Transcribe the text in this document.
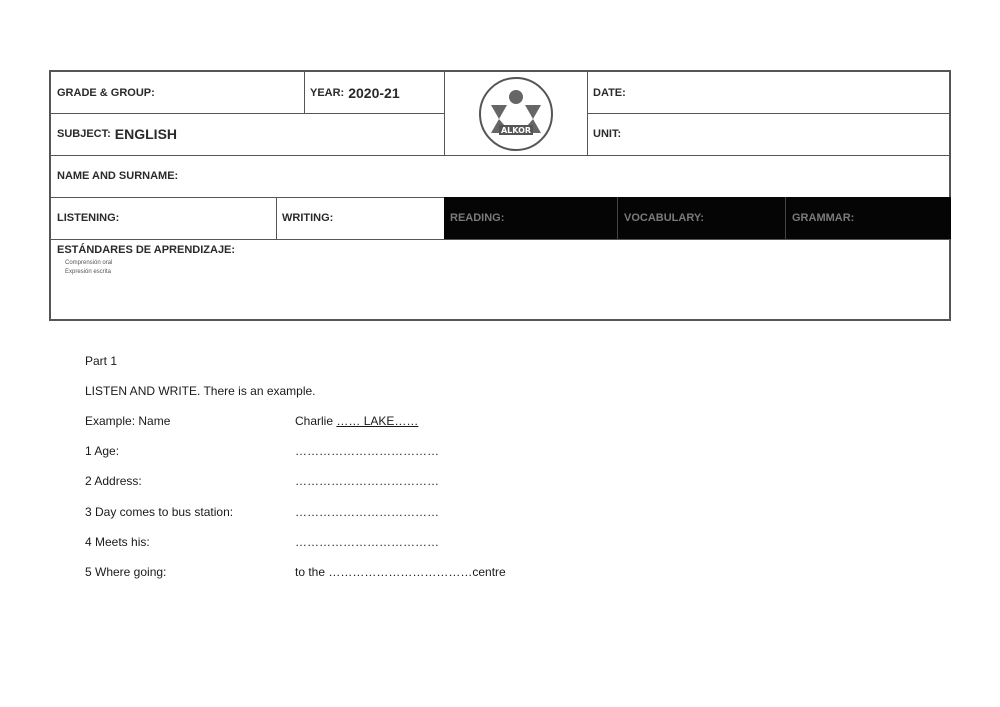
GRADE & GROUP:	YEAR: 2020-21	DATE:
SUBJECT: ENGLISH	UNIT:
COLEGIO
ALKOR
NAME AND SURNAME:
LISTENING:	WRITING:	READING:	VOCABULARY:	GRAMMAR:
ESTÁNDARES DE APRENDIZAJE:
Comprensión oral
Expresión escrita
Part 1
LISTEN AND WRITE. There is an example.
Example: Name	Charlie …… LAKE……
1 Age:	………………………………
2 Address:	………………………………
3 Day comes to bus station:	………………………………
4 Meets his:	………………………………
5 Where going:	to the ………………………………centre
